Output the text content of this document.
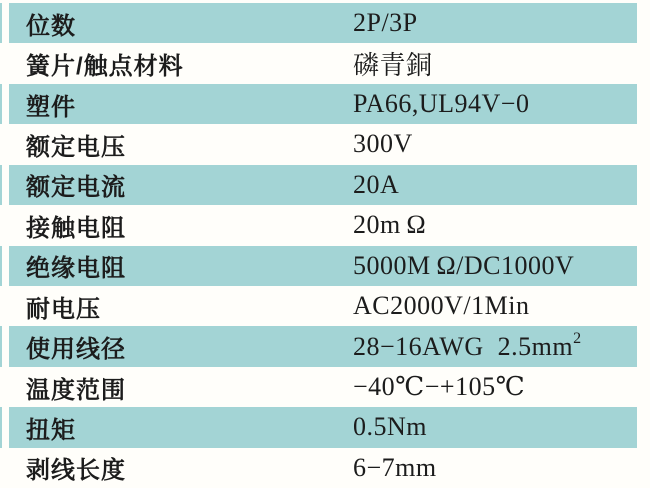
位数	2P/3P
簧片/触点材料	磷青銅
塑件	PA66,UL94V−0
额定电压	300V
额定电流	20A
接触电阻	20m Ω
绝缘电阻	5000M Ω/DC1000V
耐电压	AC2000V/1Min
使用线径	28−16AWG  $2.5mm^2$
温度范围	−40℃−+105℃
扭矩	0.5Nm
剥线长度	6−7mm
